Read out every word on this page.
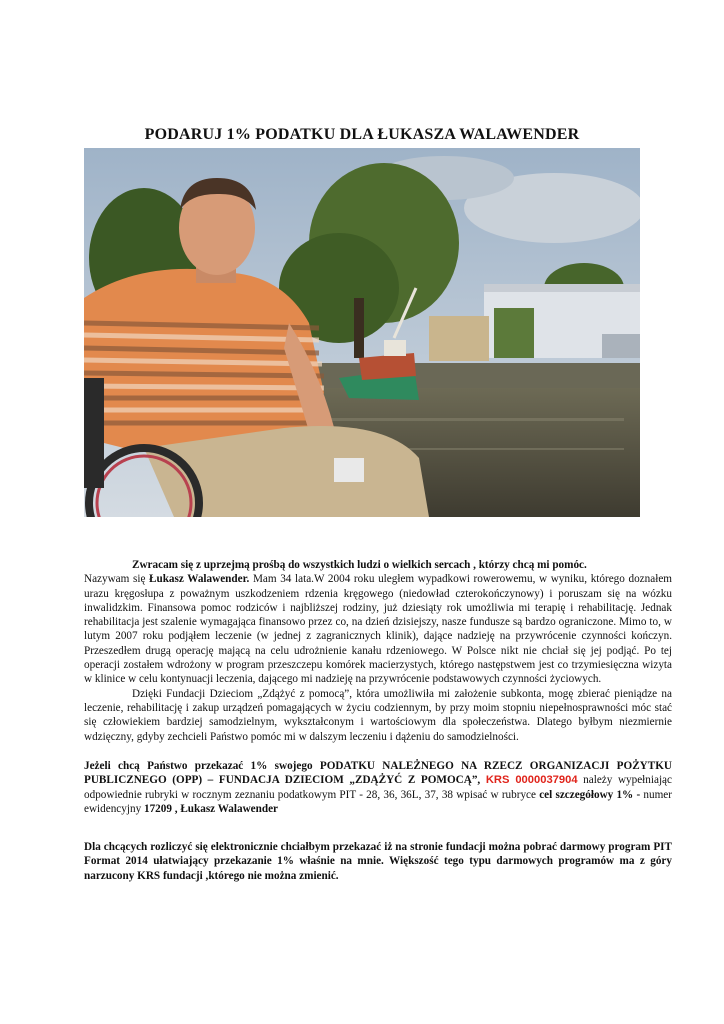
PODARUJ 1% PODATKU DLA ŁUKASZA WALAWENDER
Zwracam się z uprzejmą prośbą do wszystkich ludzi o wielkich sercach , którzy chcą mi pomóc.
Nazywam się Łukasz Walawender. Mam 34 lata.W 2004 roku uległem wypadkowi rowerowemu, w wyniku, którego doznałem urazu kręgosłupa z poważnym uszkodzeniem rdzenia kręgowego (niedowład czterokończynowy) i poruszam się na wózku inwalidzkim. Finansowa pomoc rodziców i najbliższej rodziny, już dziesiąty rok umożliwia mi terapię i rehabilitację. Jednak rehabilitacja jest szalenie wymagająca finansowo przez co, na dzień dzisiejszy, nasze fundusze są bardzo ograniczone. Mimo to, w lutym 2007 roku podjąłem leczenie (w jednej z zagranicznych klinik), dające nadzieję na przywrócenie czynności kończyn. Przeszedłem drugą operację mającą na celu udrożnienie kanału rdzeniowego. W Polsce nikt nie chciał się jej podjąć. Po tej operacji zostałem wdrożony w program przeszczepu komórek macierzystych, którego następstwem jest co trzymiesięczna wizyta w klinice w celu kontynuacji leczenia, dającego mi nadzieję na przywrócenie podstawowych czynności życiowych.
Dzięki Fundacji Dzieciom „Zdążyć z pomocą”, która umożliwiła mi założenie subkonta, mogę zbierać pieniądze na leczenie, rehabilitację i zakup urządzeń pomagających w życiu codziennym, by przy moim stopniu niepełnosprawności móc stać się człowiekiem bardziej samodzielnym, wykształconym i wartościowym dla społeczeństwa. Dlatego byłbym niezmiernie wdzięczny, gdyby zechcieli Państwo pomóc mi w dalszym leczeniu i dążeniu do samodzielności.
Jeżeli chcą Państwo przekazać 1% swojego PODATKU NALEŻNEGO NA RZECZ ORGANIZACJI POŻYTKU PUBLICZNEGO (OPP) – FUNDACJA DZIECIOM „ZDĄŻYĆ Z POMOCĄ”, KRS 0000037904 należy wypełniając odpowiednie rubryki w rocznym zeznaniu podatkowym PIT - 28, 36, 36L, 37, 38 wpisać w rubryce cel szczegółowy 1% - numer ewidencyjny 17209 , Łukasz Walawender
Dla chcących rozliczyć się elektronicznie chciałbym przekazać iż na stronie fundacji można pobrać darmowy program PIT Format 2014 ułatwiający przekazanie 1% właśnie na mnie. Większość tego typu darmowych programów ma z góry narzucony KRS fundacji ,którego nie można zmienić.
